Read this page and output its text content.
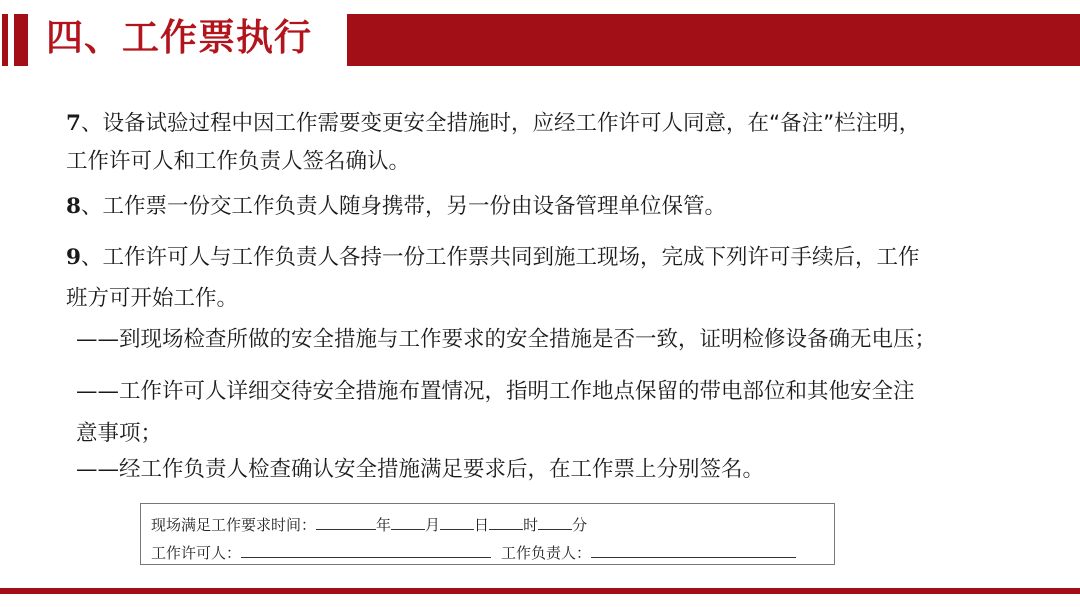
四、工作票执行
7、设备试验过程中因工作需要变更安全措施时，应经工作许可人同意，在“备注”栏注明，
工作许可人和工作负责人签名确认。
8、工作票一份交工作负责人随身携带，另一份由设备管理单位保管。
9、工作许可人与工作负责人各持一份工作票共同到施工现场，完成下列许可手续后，工作
班方可开始工作。
——到现场检查所做的安全措施与工作要求的安全措施是否一致，证明检修设备确无电压；
——工作许可人详细交待安全措施布置情况，指明工作地点保留的带电部位和其他安全注
意事项；
——经工作负责人检查确认安全措施满足要求后，在工作票上分别签名。
现场满足工作要求时间：	年 月 日 时 分
工作许可人：	工作负责人：
